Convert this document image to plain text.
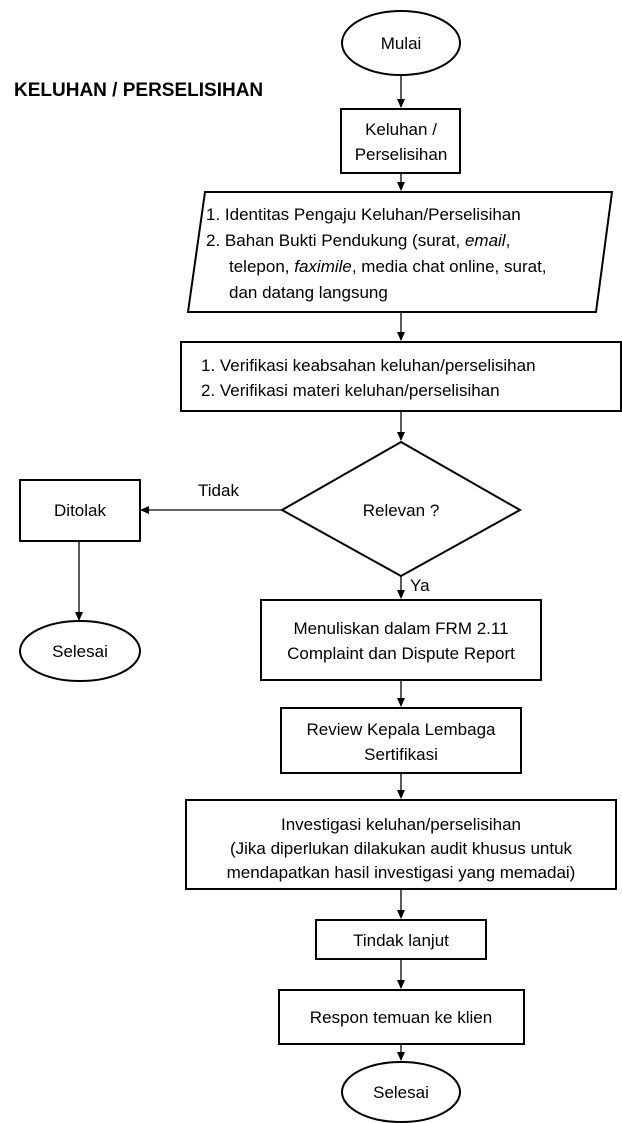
KELUHAN / PERSELISIHAN
Mulai
Keluhan /
Perselisihan
1. Identitas Pengaju Keluhan/Perselisihan
2. Bahan Bukti Pendukung (surat, email,
telepon, faximile, media chat online, surat,
dan datang langsung
1. Verifikasi keabsahan keluhan/perselisihan
2. Verifikasi materi keluhan/perselisihan
Relevan ?
Tidak
Ya
Ditolak
Selesai
Menuliskan dalam FRM 2.11
Complaint dan Dispute Report
Review Kepala Lembaga
Sertifikasi
Investigasi keluhan/perselisihan
(Jika diperlukan dilakukan audit khusus untuk
mendapatkan hasil investigasi yang memadai)
Tindak lanjut
Respon temuan ke klien
Selesai
